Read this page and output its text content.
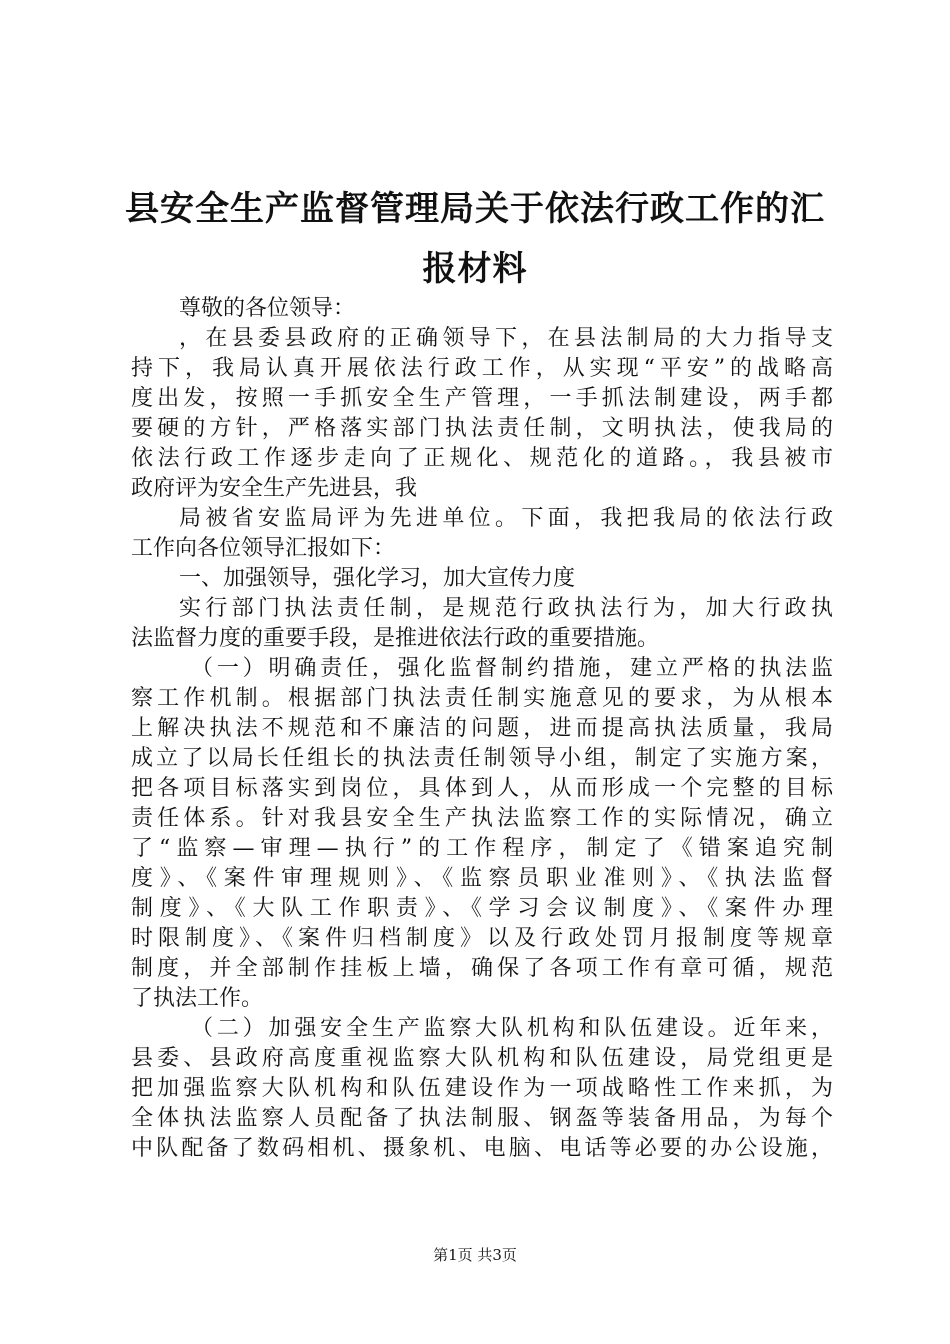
县安全生产监督管理局关于依法行政工作的汇
报材料
尊敬的各位领导：
，在县委县政府的正确领导下，在县法制局的大力指导支
持下，我局认真开展依法行政工作，从实现“平安”的战略高
度出发，按照一手抓安全生产管理，一手抓法制建设，两手都
要硬的方针，严格落实部门执法责任制，文明执法，使我局的
依法行政工作逐步走向了正规化、规范化的道路。，我县被市
政府评为安全生产先进县，我
局被省安监局评为先进单位。下面，我把我局的依法行政
工作向各位领导汇报如下：
一、加强领导，强化学习，加大宣传力度
实行部门执法责任制，是规范行政执法行为，加大行政执
法监督力度的重要手段，是推进依法行政的重要措施。
（一）明确责任，强化监督制约措施，建立严格的执法监
察工作机制。根据部门执法责任制实施意见的要求，为从根本
上解决执法不规范和不廉洁的问题，进而提高执法质量，我局
成立了以局长任组长的执法责任制领导小组，制定了实施方案，
把各项目标落实到岗位，具体到人，从而形成一个完整的目标
责任体系。针对我县安全生产执法监察工作的实际情况，确立
了“监察—审理—执行”的工作程序，制定了《错案追究制
度》、《案件审理规则》、《监察员职业准则》、《执法监督
制度》、《大队工作职责》、《学习会议制度》、《案件办理
时限制度》、《案件归档制度》以及行政处罚月报制度等规章
制度，并全部制作挂板上墙，确保了各项工作有章可循，规范
了执法工作。
（二）加强安全生产监察大队机构和队伍建设。近年来，
县委、县政府高度重视监察大队机构和队伍建设，局党组更是
把加强监察大队机构和队伍建设作为一项战略性工作来抓，为
全体执法监察人员配备了执法制服、钢盔等装备用品，为每个
中队配备了数码相机、摄象机、电脑、电话等必要的办公设施，
第1页 共3页
